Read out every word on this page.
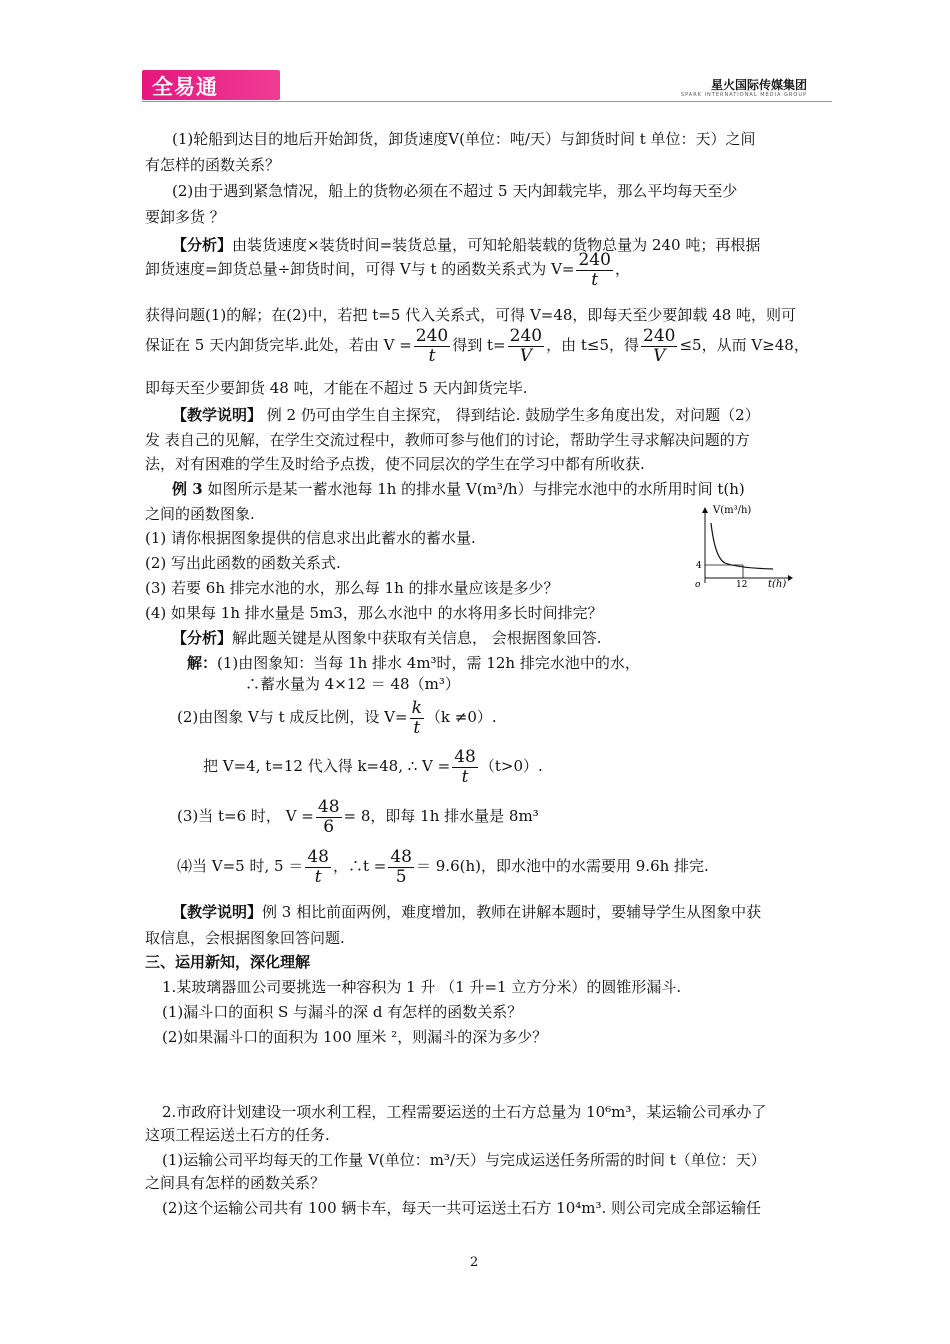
全易通	星火国际传媒集团
SPARK INTERNATIONAL MEDIA GROUP
(1)轮船到达目的地后开始卸货，卸货速度V(单位：吨/天）与卸货时间 t 单位：天）之间
有怎样的函数关系？
(2)由于遇到紧急情况，船上的货物必须在不超过 5 天内卸载完毕，那么平均每天至少
要卸多货 ？
【分析】由装货速度×装货时间=装货总量，可知轮船装载的货物总量为 240 吨；再根据
卸货速度=卸货总量÷卸货时间，可得 V与 t 的函数关系式为 $V= \frac{240}{t}$ ，
获得问题(1)的解；在(2)中，若把 t=5 代入关系式，可得 V=48，即每天至少要卸载 48 吨，则可
保证在 5 天内卸货完毕.此处，若由 $V = \frac{240}{t}$ 得到 $t= \frac{240}{V}$ ，由 t≤5，得 $\frac{240}{V} \le 5$，从而 V≥48，
即每天至少要卸货 48 吨，才能在不超过 5 天内卸货完毕.
【教学说明】 例 2 仍可由学生自主探究， 得到结论. 鼓励学生多角度出发，对问题（2）
发 表自己的见解，在学生交流过程中，教师可参与他们的讨论，帮助学生寻求解决问题的方
法，对有困难的学生及时给予点拨，使不同层次的学生在学习中都有所收获.
例 3 如图所示是某一蓄水池每 1h 的排水量 V(m³/h）与排完水池中的水所用时间 t(h)
之间的函数图象.
(1) 请你根据图象提供的信息求出此蓄水的蓄水量.
(2) 写出此函数的函数关系式.
(3) 若要 6h 排完水池的水，那么每 1h 的排水量应该是多少？
(4) 如果每 1h 排水量是 5m3，那么水池中 的水将用多长时间排完？
V(m³/h)
t(h)
o
4
12
【分析】解此题关键是从图象中获取有关信息， 会根据图象回答.
解：(1)由图象知：当每 1h 排水 4m³时，需 12h 排完水池中的水，
∴蓄水量为 4×12 ＝ 48（m³）
(2)由图象 V与 t 成反比例，设 $V= \frac{k}{t} (k \ne 0)$.
把 V=4, t=12 代入得 k=48, ∴ $V = \frac{48}{t} (t>0)$.
(3)当 t=6 时， $V = \frac{48}{6} = 8$，即每 1h 排水量是 8m³
⑷当 V=5 时, $5 = \frac{48}{t}$ ，∴t = $\frac{48}{5} = 9.6(h)$，即水池中的水需要用 9.6h 排完.
【教学说明】例 3 相比前面两例，难度增加，教师在讲解本题时，要辅导学生从图象中获
取信息，会根据图象回答问题.
三、运用新知，深化理解
1.某玻璃器皿公司要挑选一种容积为 1 升 （1 升=1 立方分米）的圆锥形漏斗.
(1)漏斗口的面积 S 与漏斗的深 d 有怎样的函数关系？
(2)如果漏斗口的面积为 100 厘米 ²，则漏斗的深为多少？
2.市政府计划建设一项水利工程，工程需要运送的土石方总量为 10⁶m³，某运输公司承办了
这项工程运送土石方的任务.
(1)运输公司平均每天的工作量 V(单位：m³/天）与完成运送任务所需的时间 t（单位：天）
之间具有怎样的函数关系？
(2)这个运输公司共有 100 辆卡车，每天一共可运送土石方 10⁴m³. 则公司完成全部运输任
2
